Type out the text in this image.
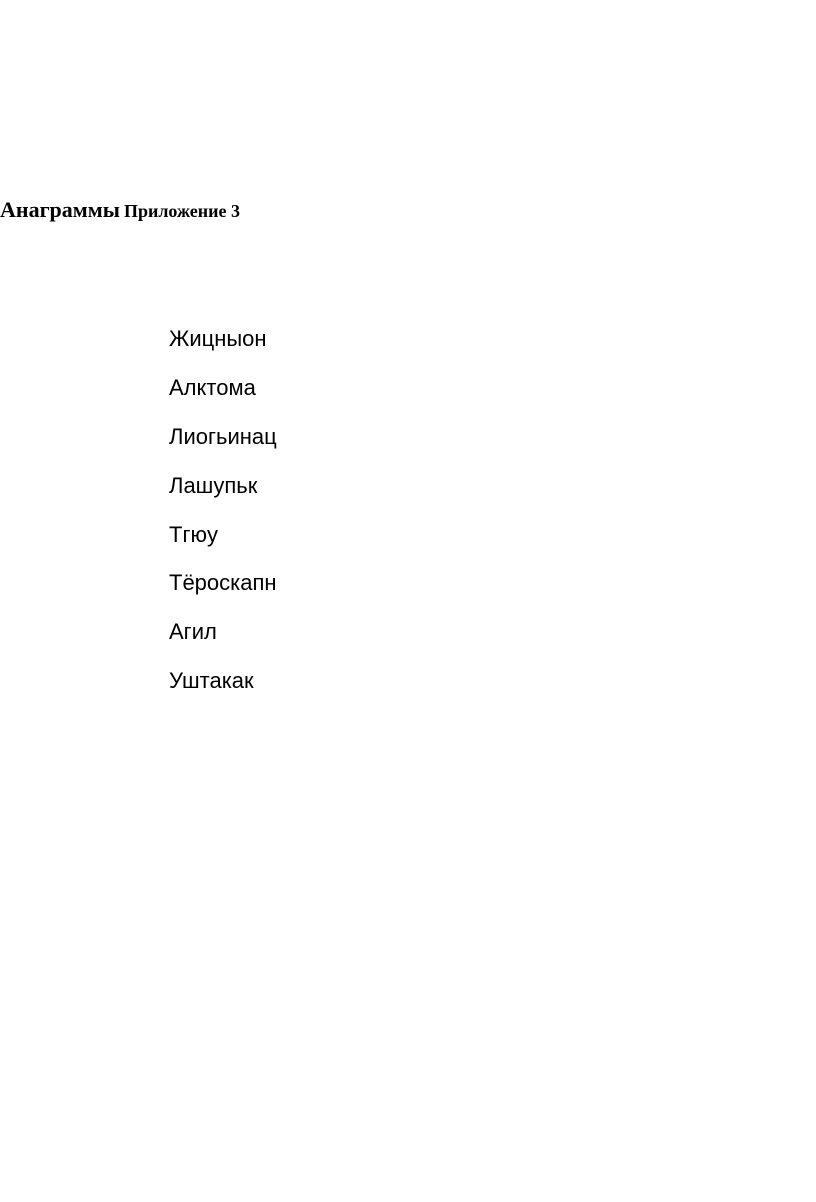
Анаграммы Приложение 3
Жицныон
Алктома
Лиогьинац
Лашупьк
Тгюу
Тёроскапн
Агил
Уштакак
